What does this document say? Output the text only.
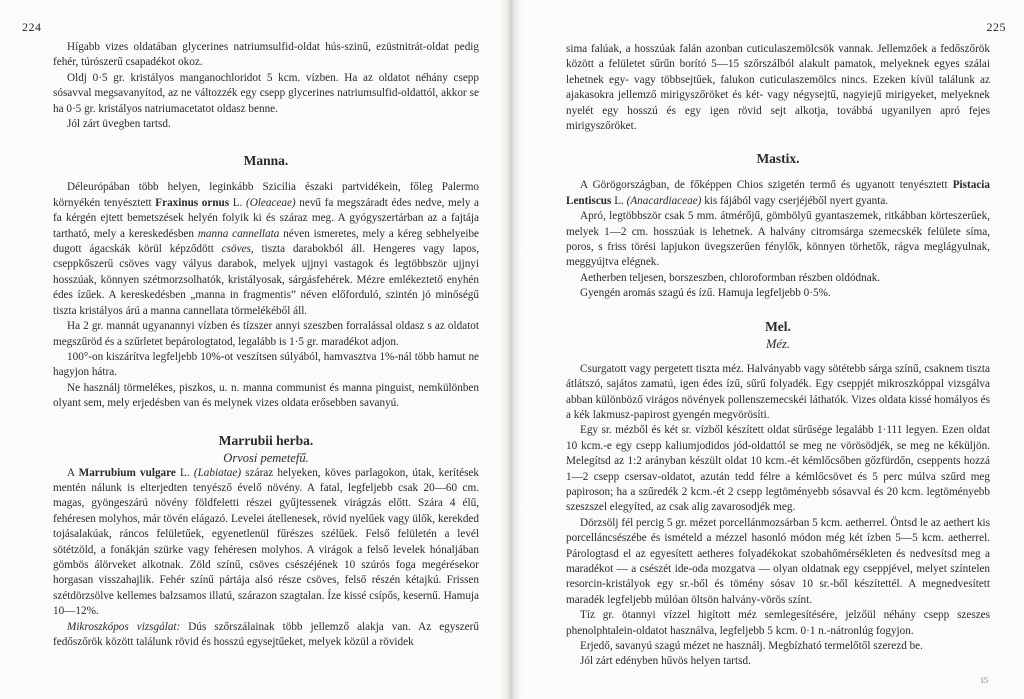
224

Hígabb vizes oldatában glycerines natriumsulfid-oldat hús-szinű, ezüstnitrát-oldat pedig fehér, túrószerű csapadékot okoz.

Oldj 0·5 gr. kristályos manganochloridot 5 kcm. vízben. Ha az oldatot néhány csepp sósavval megsavanyítod, az ne változzék egy csepp glycerines natriumsulfid-oldattól, akkor se ha 0·5 gr. kristályos natriumacetatot oldasz benne.

Jól zárt üvegben tartsd.

Manna.

Déleurópában több helyen, leginkább Szicilia északi partvidékein, főleg Palermo környékén tenyésztett Fraxinus ornus L. (Oleaceae) nevű fa megszáradt édes nedve, mely a fa kérgén ejtett bemetszések helyén folyik ki és száraz meg. A gyógyszertárban az a fajtája tartható, mely a kereskedésben manna cannellata néven ismeretes, mely a kéreg sebhelyeibe dugott ágacskák körül képződött csöves, tiszta darabokból áll. Hengeres vagy lapos, cseppkőszerű csöves vagy vályus darabok, melyek ujjnyi vastagok és legtöbbször ujjnyi hosszúak, könnyen szétmorzsolhatók, kristályosak, sárgásfehérek. Mézre emlékeztető enyhén édes ízűek. A kereskedésben „manna in fragmentis” néven előforduló, szintén jó minőségű tiszta kristályos árú a manna cannellata törmelékéből áll.

Ha 2 gr. mannát ugyanannyi vízben és tízszer annyi szeszben forralással oldasz s az oldatot megszűröd és a szűrletet bepárologtatod, legalább is 1·5 gr. maradékot adjon.

100°-on kiszárítva legfeljebb 10%-ot veszítsen súlyából, hamvasztva 1%-nál több hamut ne hagyjon hátra.

Ne használj törmelékes, piszkos, u. n. manna communist és manna pinguist, nemkülönben olyant sem, mely erjedésben van és melynek vizes oldata erősebben savanyú.

Marrubii herba.
Orvosi pemetefű.

A Marrubium vulgare L. (Labiatae) száraz helyeken, köves parlagokon, útak, kerítések mentén nálunk is elterjedten tenyésző évelő növény. A fatal, legfeljebb csak 20—60 cm. magas, gyöngeszárú növény földfeletti részei gyűjtessenek virágzás előtt. Szára 4 élű, fehéresen molyhos, már tövén elágazó. Levelei átellenesek, rövid nyelűek vagy ülők, kerekded tojásalakúak, ráncos felületűek, egyenetlenül fűrészes szélűek. Felső felületén a levél sötétzöld, a fonákján szürke vagy fehéresen molyhos. A virágok a felső levelek hónaljában gömbös álörveket alkotnak. Zöld színű, csöves csészéjének 10 szúrós foga megérésekor horgasan visszahajlik. Fehér színű pártája alsó része csöves, felső részén kétajkú. Frissen szétdörzsölve kellemes balzsamos illatú, szárazon szagtalan. Íze kissé csípős, kesernű. Hamuja 10—12%.

Mikroszkópos vizsgálat: Dús szőrszálainak több jellemző alakja van. Az egyszerű fedőszőrök között találunk rövid és hosszú egysejtűeket, melyek közül a rövidek

225

sima falúak, a hosszúak falán azonban cuticulaszemölcsök vannak. Jellemzőek a fedőszőrök között a felületet sűrűn borító 5—15 szőrszálból alakult pamatok, melyeknek egyes szálai lehetnek egy- vagy többsejtűek, falukon cuticulaszemölcs nincs. Ezeken kívül találunk az ajakasokra jellemző mirigyszőröket és két- vagy négysejtű, nagyiejű mirigyeket, melyeknek nyelét egy hosszú és egy igen rövid sejt alkotja, továbbá ugyanilyen apró fejes mirigyszőröket.

Mastix.

A Görögországban, de főképpen Chios szigetén termő és ugyanott tenyésztett Pistacia Lentiscus L. (Anacardiaceae) kis fájából vagy cserjéjéből nyert gyanta.

Apró, legtöbbször csak 5 mm. átmérőjű, gömbölyű gyantaszemek, ritkábban körteszerűek, melyek 1—2 cm. hosszúak is lehetnek. A halvány citromsárga szemecskék felülete síma, poros, s friss törési lapjukon üvegszerűen fénylők, könnyen törhetők, rágva meglágyulnak, meggyújtva elégnek.

Aetherben teljesen, borszeszben, chloroformban részben oldódnak.

Gyengén aromás szagú és ízű. Hamuja legfeljebb 0·5%.

Mel.
Méz.

Csurgatott vagy pergetett tiszta méz. Halványabb vagy sötétebb sárga színű, csaknem tiszta átlátszó, sajátos zamatú, igen édes ízű, sűrű folyadék. Egy cseppjét mikroszkóppal vizsgálva abban különböző virágos növények pollenszemecskéi láthatók. Vizes oldata kissé homályos és a kék lakmusz-papirost gyengén megvörösíti.

Egy sr. mézből és két sr. vízből készített oldat sűrűsége legalább 1·111 legyen. Ezen oldat 10 kcm.-e egy csepp kaliumjodidos jód-oldattól se meg ne vörösödjék, se meg ne kéküljön. Melegítsd az 1:2 arányban készült oldat 10 kcm.-ét kémlőcsőben gőzfürdőn, cseppents hozzá 1—2 csepp csersav-oldatot, azután tedd félre a kémlőcsövet és 5 perc múlva szűrd meg papiroson; ha a szűredék 2 kcm.-ét 2 csepp legtöményebb sósavval és 20 kcm. legtöményebb szeszszel elegyíted, az csak alig zavarosodjék meg.

Dörzsölj fél percig 5 gr. mézet porcellánmozsárban 5 kcm. aetherrel. Öntsd le az aethert kis porcelláncsészébe és ismételd a mézzel hasonló módon még két ízben 5—5 kcm. aetherrel. Párologtasd el az egyesített aetheres folyadékokat szobahőmérsékleten és nedvesítsd meg a maradékot — a csészét ide-oda mozgatva — olyan oldatnak egy cseppjével, melyet színtelen resorcin-kristályok egy sr.-ből és tömény sósav 10 sr.-ből készítettél. A megnedvesített maradék legfeljebb múlóan öltsön halvány-vörös színt.

Tíz gr. ötannyi vízzel higított méz semlegesítésére, jelzőül néhány csepp szeszes phenolphtalein-oldatot használva, legfeljebb 5 kcm. 0·1 n.-nátronlúg fogyjon.

Erjedő, savanyú szagú mézet ne használj. Megbízható termelőtől szerezd be.

Jól zárt edényben hűvös helyen tartsd.

15
